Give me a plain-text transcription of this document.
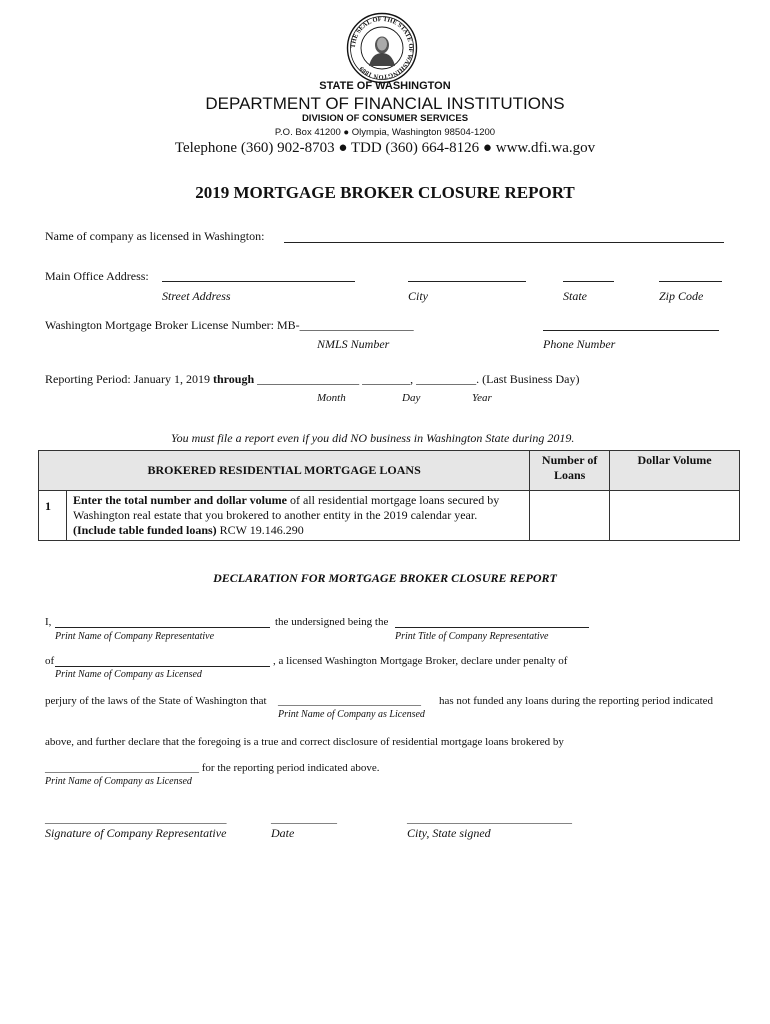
THE SEAL OF THE STATE OF WASHINGTON 1889
STATE OF WASHINGTON
DEPARTMENT OF FINANCIAL INSTITUTIONS
DIVISION OF CONSUMER SERVICES
P.O. Box 41200 ● Olympia, Washington 98504-1200
Telephone (360) 902-8703 ● TDD (360) 664-8126 ● www.dfi.wa.gov
2019 MORTGAGE BROKER CLOSURE REPORT
Name of company as licensed in Washington:
Main Office Address:
Street Address	City	State	Zip Code
Washington Mortgage Broker License Number: MB-___________________
NMLS Number	Phone Number
Reporting Period: January 1, 2019 through _________________ ________, __________. (Last Business Day)
Month	Day	Year
You must file a report even if you did NO business in Washington State during 2019.
BROKERED RESIDENTIAL MORTGAGE LOANS		Number of Loans	Dollar Volume
1	Enter the total number and dollar volume of all residential mortgage loans secured by Washington real estate that you brokered to another entity in the 2019 calendar year.
(Include table funded loans) RCW 19.146.290		
DECLARATION FOR MORTGAGE BROKER CLOSURE REPORT
I,	the undersigned being the
Print Name of Company Representative	Print Title of Company Representative
of	, a licensed Washington Mortgage Broker, declare under penalty of
Print Name of Company as Licensed
perjury of the laws of the State of Washington that __________________________ has not funded any loans during the reporting period indicated
Print Name of Company as Licensed
above, and further declare that the foregoing is a true and correct disclosure of residential mortgage loans brokered by
____________________________ for the reporting period indicated above.
Print Name of Company as Licensed
_________________________________	____________	______________________________
Signature of Company Representative	Date	City, State signed
